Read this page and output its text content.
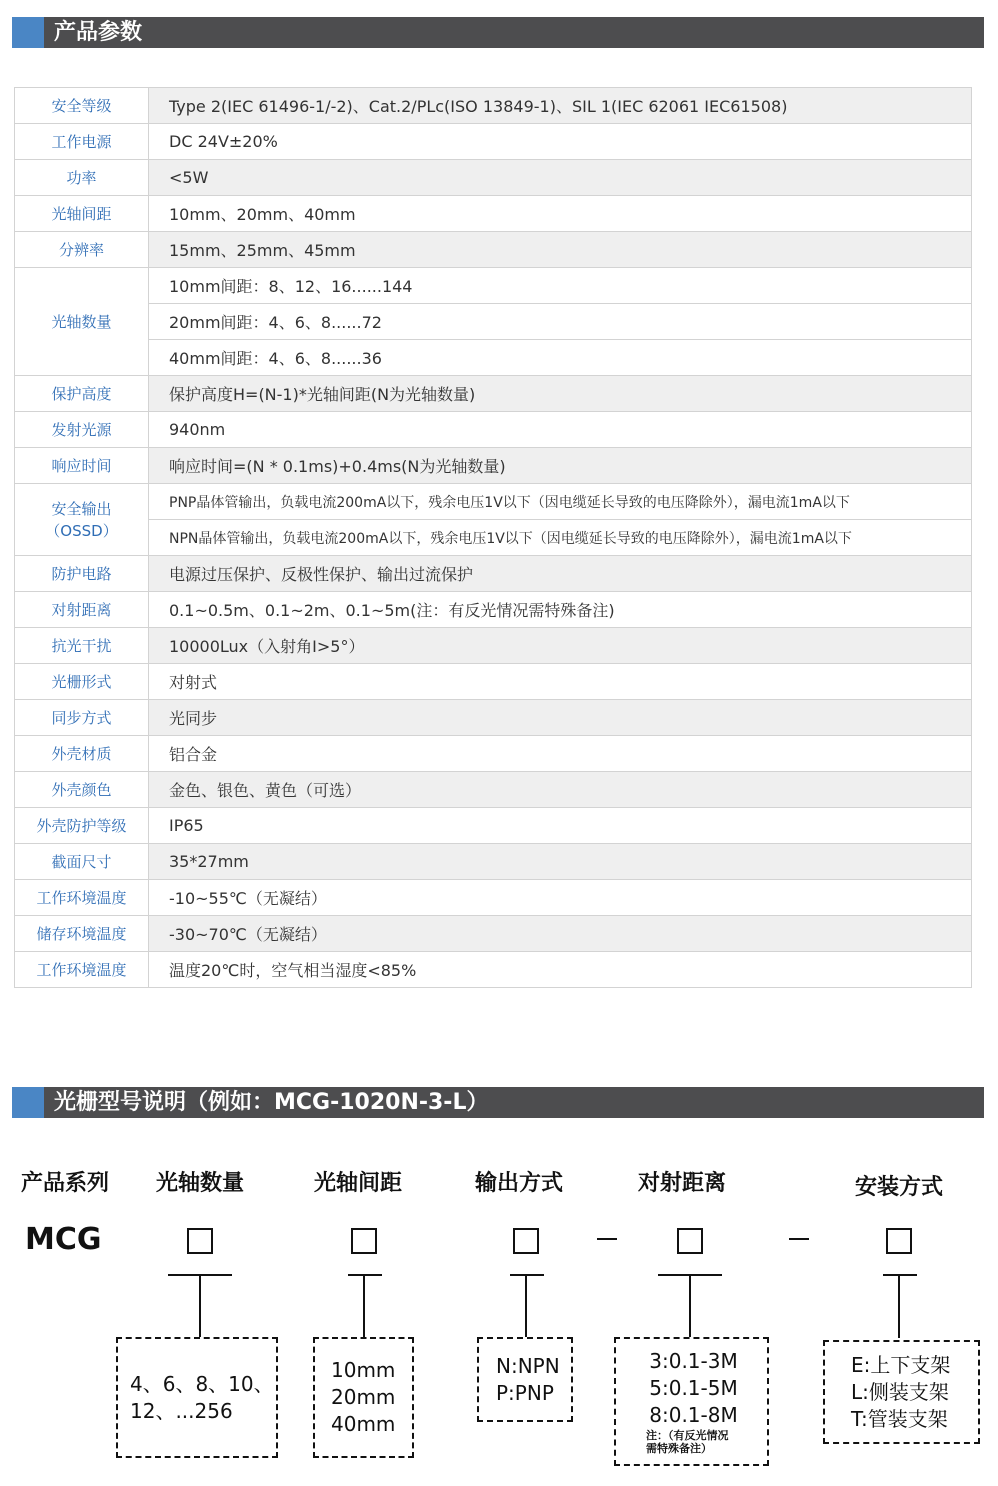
产品参数
安全等级	Type 2(IEC 61496-1/-2)、Cat.2/PLc(ISO 13849-1)、SIL 1(IEC 62061 IEC61508)
工作电源	DC 24V±20%
功率	<5W
光轴间距	10mm、20mm、40mm
分辨率	15mm、25mm、45mm
光轴数量	10mm间距：8、12、16......144
	20mm间距：4、6、8......72
	40mm间距：4、6、8......36
保护高度	保护高度H=(N-1)*光轴间距(N为光轴数量)
发射光源	940nm
响应时间	响应时间=(N * 0.1ms)+0.4ms(N为光轴数量)

安全输出
（OSSD）	PNP晶体管输出，负载电流200mA以下，残余电压1V以下（因电缆延长导致的电压降除外），漏电流1mA以下
	NPN晶体管输出，负载电流200mA以下，残余电压1V以下（因电缆延长导致的电压降除外），漏电流1mA以下
防护电路	电源过压保护、反极性保护、输出过流保护
对射距离	0.1~0.5m、0.1~2m、0.1~5m(注：有反光情况需特殊备注)
抗光干扰	10000Lux（入射角I>5°）
光栅形式	对射式
同步方式	光同步
外壳材质	铝合金
外壳颜色	金色、银色、黄色（可选）
外壳防护等级	IP65
截面尺寸	35*27mm
工作环境温度	-10~55℃（无凝结）
储存环境温度	-30~70℃（无凝结）
工作环境温度	温度20℃时，空气相当湿度<85%
光栅型号说明（例如：MCG-1020N-3-L）
产品系列 光轴数量	光轴间距	输出方式	对射距离	安装方式
MCG
4、6、8、10、
12、...256
10mm
20mm
40mm
N:NPN
P:PNP
3:0.1-3M
5:0.1-5M
8:0.1-8M
注：（有反光情况
需特殊备注）
E:上下支架
L:侧装支架
T:管装支架
